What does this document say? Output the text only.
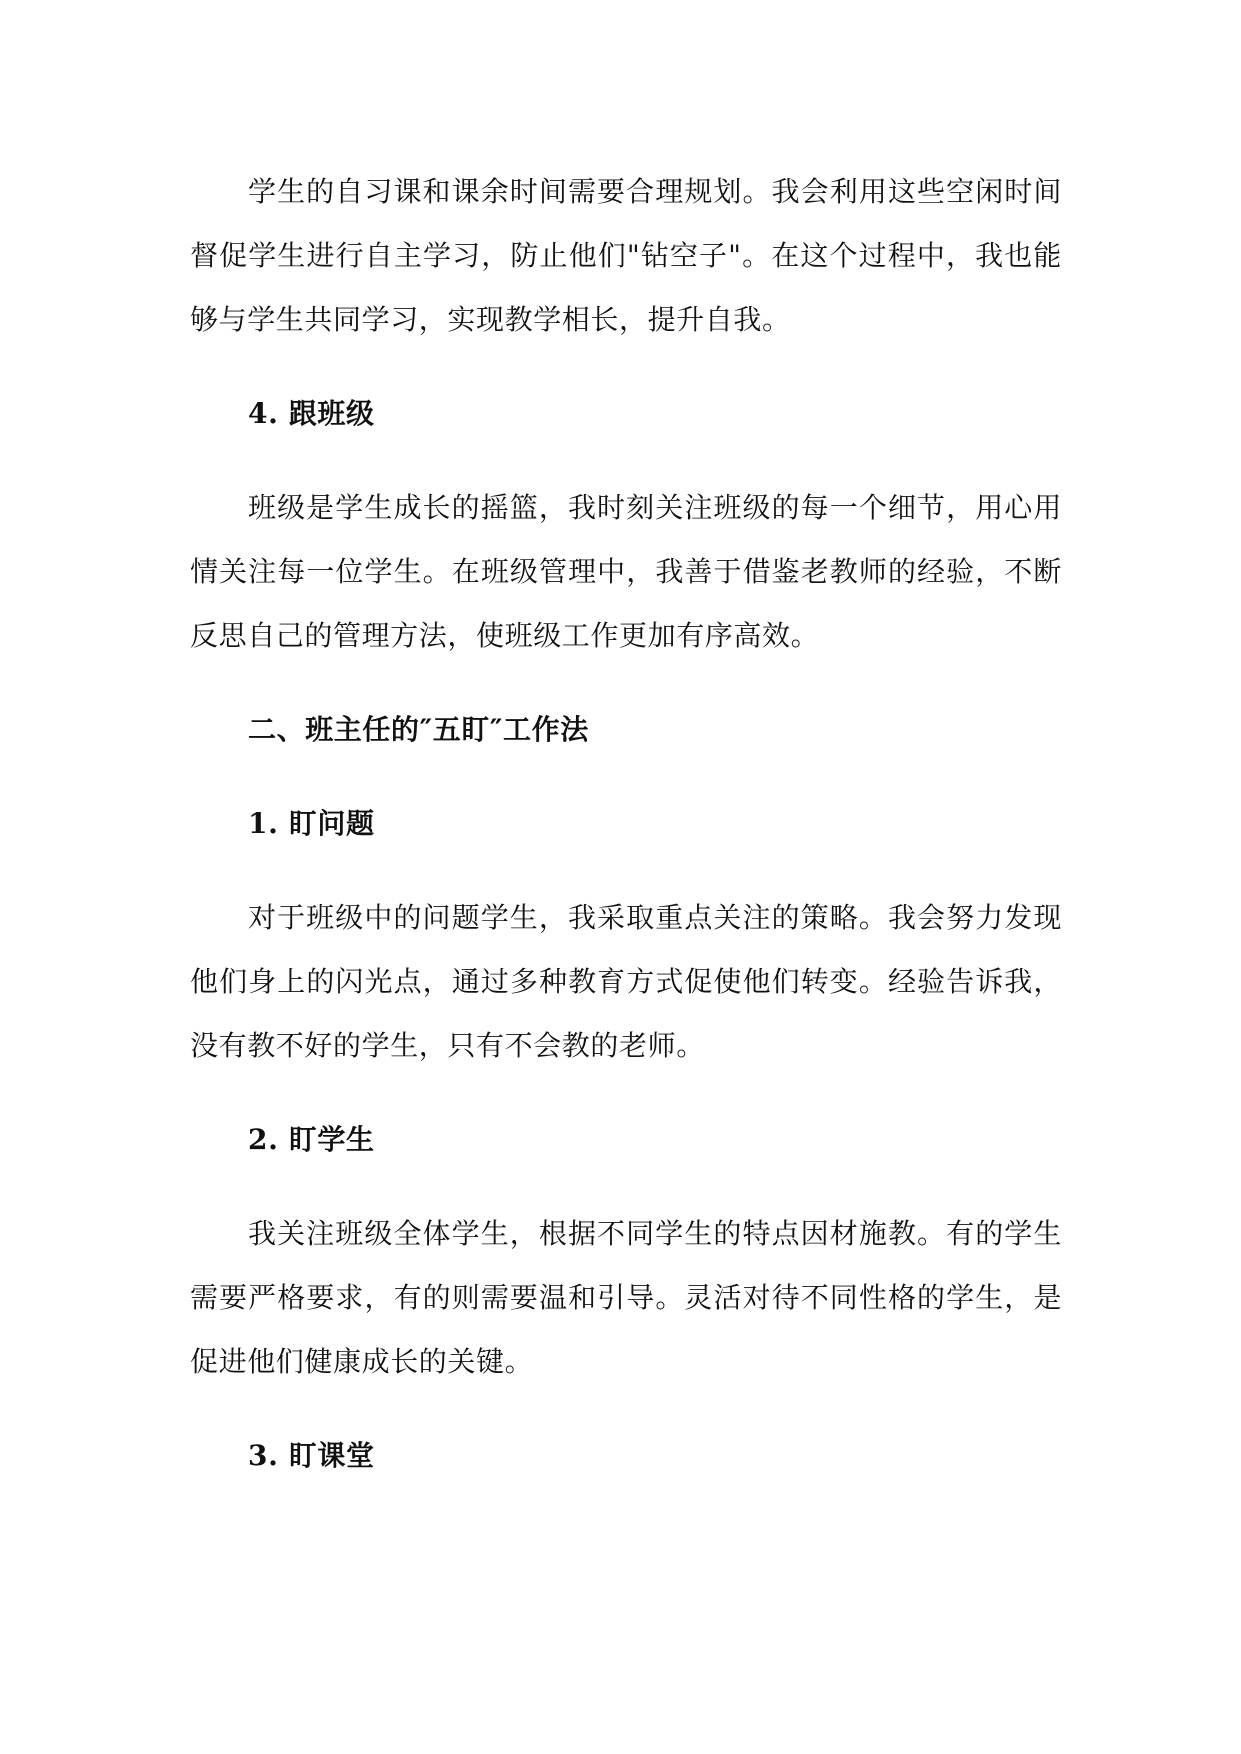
学生的自习课和课余时间需要合理规划。我会利用这些空闲时间督促学生进行自主学习，防止他们"钻空子"。在这个过程中，我也能够与学生共同学习，实现教学相长，提升自我。

4. 跟班级

班级是学生成长的摇篮，我时刻关注班级的每一个细节，用心用情关注每一位学生。在班级管理中，我善于借鉴老教师的经验，不断反思自己的管理方法，使班级工作更加有序高效。

二、班主任的″五盯″工作法

1. 盯问题

对于班级中的问题学生，我采取重点关注的策略。我会努力发现他们身上的闪光点，通过多种教育方式促使他们转变。经验告诉我，没有教不好的学生，只有不会教的老师。

2. 盯学生

我关注班级全体学生，根据不同学生的特点因材施教。有的学生需要严格要求，有的则需要温和引导。灵活对待不同性格的学生，是促进他们健康成长的关键。

3. 盯课堂
